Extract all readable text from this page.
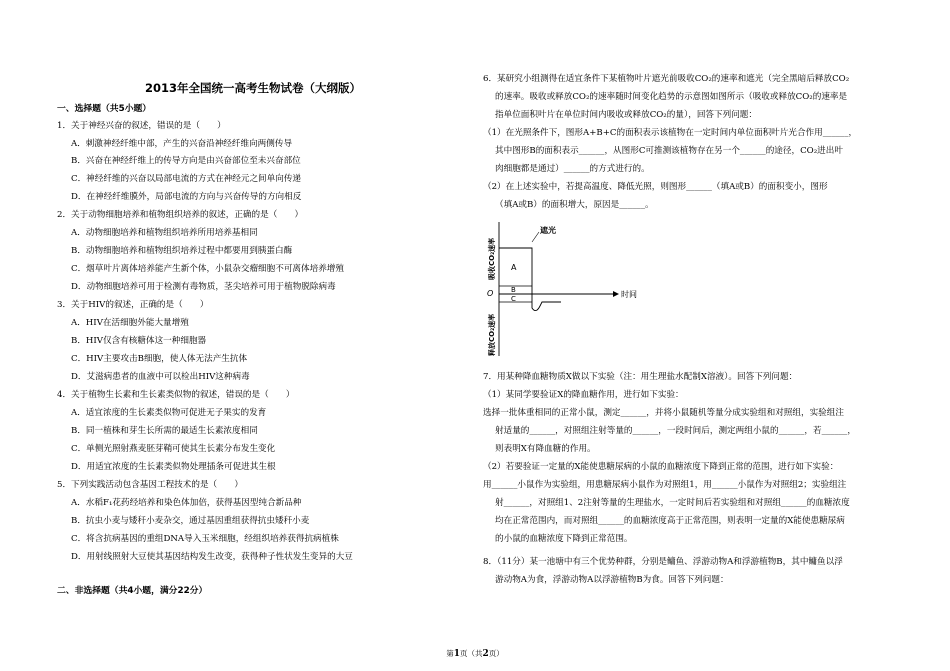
2013年全国统一高考生物试卷（大纲版）
一、选择题（共5小题）
1．关于神经兴奋的叙述，错误的是（　　）
A．刺激神经纤维中部，产生的兴奋沿神经纤维向两侧传导
B．兴奋在神经纤维上的传导方向是由兴奋部位至未兴奋部位
C．神经纤维的兴奋以局部电流的方式在神经元之间单向传递
D．在神经纤维膜外，局部电流的方向与兴奋传导的方向相反
2．关于动物细胞培养和植物组织培养的叙述，正确的是（　　）
A．动物细胞培养和植物组织培养所用培养基相同
B．动物细胞培养和植物组织培养过程中都要用到胰蛋白酶
C．烟草叶片离体培养能产生新个体，小鼠杂交瘤细胞不可离体培养增殖
D．动物细胞培养可用于检测有毒物质，茎尖培养可用于植物脱除病毒
3．关于HIV的叙述，正确的是（　　）
A．HIV在活细胞外能大量增殖
B．HIV仅含有核糖体这一种细胞器
C．HIV主要攻击B细胞，使人体无法产生抗体
D．艾滋病患者的血液中可以检出HIV这种病毒
4．关于植物生长素和生长素类似物的叙述，错误的是（　　）
A．适宜浓度的生长素类似物可促进无子果实的发育
B．同一植株和芽生长所需的最适生长素浓度相同
C．单侧光照射燕麦胚芽鞘可使其生长素分布发生变化
D．用适宜浓度的生长素类似物处理插条可促进其生根
5．下列实践活动包含基因工程技术的是（　　）
A．水稻F₁花药经培养和染色体加倍，获得基因型纯合新品种
B．抗虫小麦与矮秆小麦杂交，通过基因重组获得抗虫矮秆小麦
C．将含抗病基因的重组DNA导入玉米细胞，经组织培养获得抗病植株
D．用射线照射大豆使其基因结构发生改变，获得种子性状发生变异的大豆
二、非选择题（共4小题，满分22分）
6．某研究小组测得在适宜条件下某植物叶片遮光前吸收CO₂的速率和遮光（完全黑暗后释放CO₂
的速率。吸收或释放CO₂的速率随时间变化趋势的示意图如图所示（吸收或释放CO₂的速率是
指单位面积叶片在单位时间内吸收或释放CO₂的量），回答下列问题：
（1）在光照条件下，图形A+B+C的面积表示该植物在一定时间内单位面积叶片光合作用______，
其中图形B的面积表示______，从图形C可推测该植物存在另一个______的途径，CO₂进出叶
肉细胞都是通过）______的方式进行的。
（2）在上述实验中，若提高温度、降低光照，则图形______（填A或B）的面积变小，图形
（填A或B）的面积增大，原因是______。
遮光
A
B
C
O	时间
吸收CO₂速率
释放CO₂速率
7．用某种降血糖物质X做以下实验（注：用生理盐水配制X溶液）。回答下列问题：
（1）某同学要验证X的降血糖作用，进行如下实验：
选择一批体重相同的正常小鼠，测定______，并将小鼠随机等量分成实验组和对照组，实验组注
射适量的______，对照组注射等量的______，一段时间后，测定两组小鼠的______，若______，
则表明X有降血糖的作用。
（2）若要验证一定量的X能使患糖尿病的小鼠的血糖浓度下降到正常的范围，进行如下实验：
用______小鼠作为实验组，用患糖尿病小鼠作为对照组1，用______小鼠作为对照组2；实验组注
射______，对照组1、2注射等量的生理盐水，一定时间后若实验组和对照组______的血糖浓度
均在正常范围内，而对照组______的血糖浓度高于正常范围，则表明一定量的X能使患糖尿病
的小鼠的血糖浓度下降到正常范围。
8．（11分）某一池塘中有三个优势种群，分别是鳙鱼、浮游动物A和浮游植物B，其中鳙鱼以浮
游动物A为食，浮游动物A以浮游植物B为食。回答下列问题：
第1页（共2页）
